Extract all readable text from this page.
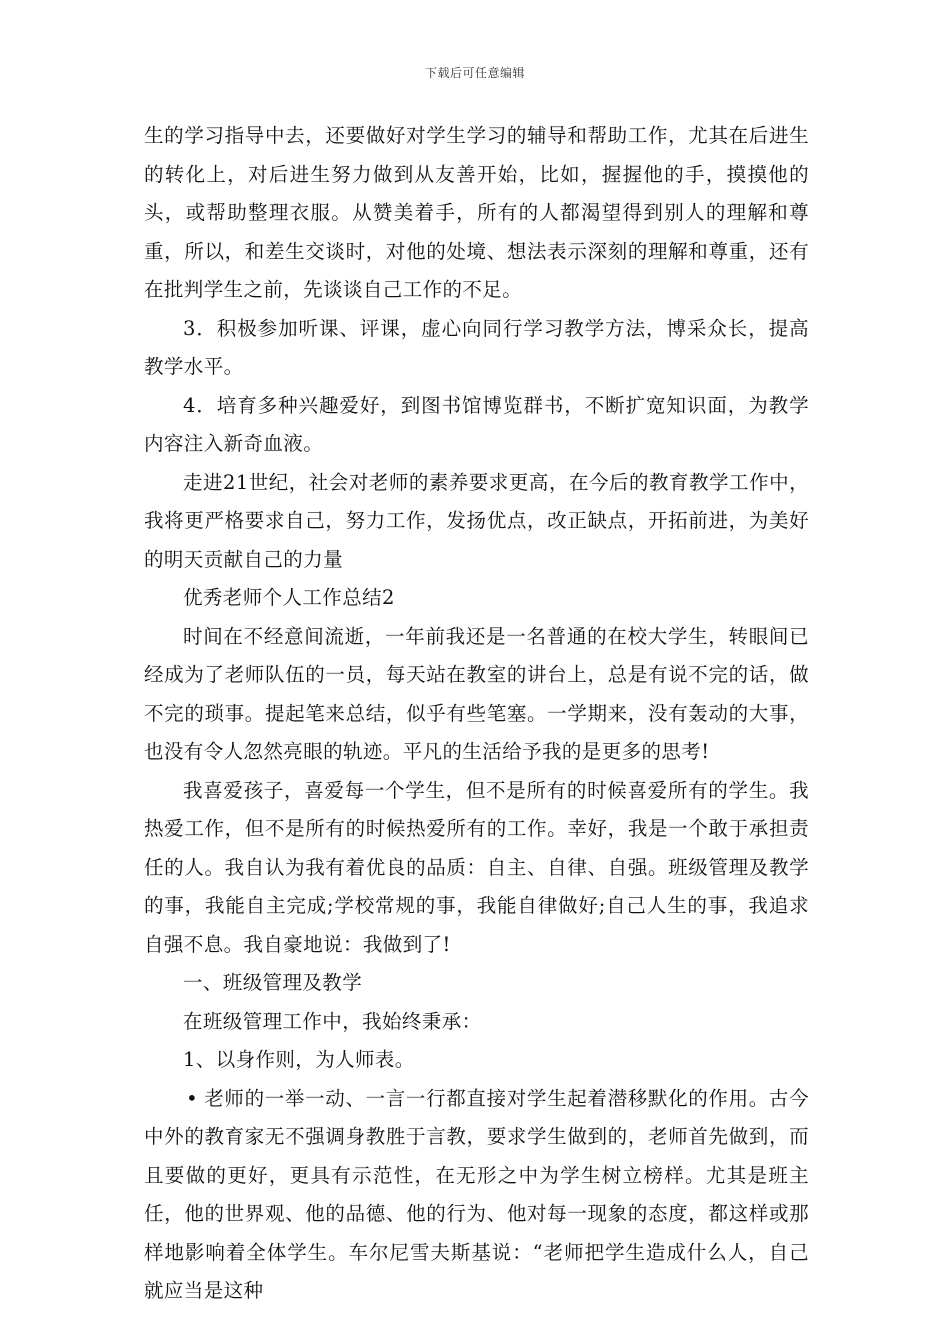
下载后可任意编辑

生的学习指导中去，还要做好对学生学习的辅导和帮助工作，尤其在后进生的转化上，对后进生努力做到从友善开始，比如，握握他的手，摸摸他的头，或帮助整理衣服。从赞美着手，所有的人都渴望得到别人的理解和尊重，所以，和差生交谈时，对他的处境、想法表示深刻的理解和尊重，还有在批判学生之前，先谈谈自己工作的不足。

3．积极参加听课、评课，虚心向同行学习教学方法，博采众长，提高教学水平。

4．培育多种兴趣爱好，到图书馆博览群书，不断扩宽知识面，为教学内容注入新奇血液。

走进21世纪，社会对老师的素养要求更高，在今后的教育教学工作中，我将更严格要求自己，努力工作，发扬优点，改正缺点，开拓前进，为美好的明天贡献自己的力量

优秀老师个人工作总结2

时间在不经意间流逝，一年前我还是一名普通的在校大学生，转眼间已经成为了老师队伍的一员，每天站在教室的讲台上，总是有说不完的话，做不完的琐事。提起笔来总结，似乎有些笔塞。一学期来，没有轰动的大事，也没有令人忽然亮眼的轨迹。平凡的生活给予我的是更多的思考!

我喜爱孩子，喜爱每一个学生，但不是所有的时候喜爱所有的学生。我热爱工作，但不是所有的时候热爱所有的工作。幸好，我是一个敢于承担责任的人。我自认为我有着优良的品质：自主、自律、自强。班级管理及教学的事，我能自主完成;学校常规的事，我能自律做好;自己人生的事，我追求自强不息。我自豪地说：我做到了!

一、班级管理及教学

在班级管理工作中，我始终秉承：

1、以身作则，为人师表。

• 老师的一举一动、一言一行都直接对学生起着潜移默化的作用。古今中外的教育家无不强调身教胜于言教，要求学生做到的，老师首先做到，而且要做的更好，更具有示范性，在无形之中为学生树立榜样。尤其是班主任，他的世界观、他的品德、他的行为、他对每一现象的态度，都这样或那样地影响着全体学生。车尔尼雪夫斯基说：“老师把学生造成什么人，自己就应当是这种
